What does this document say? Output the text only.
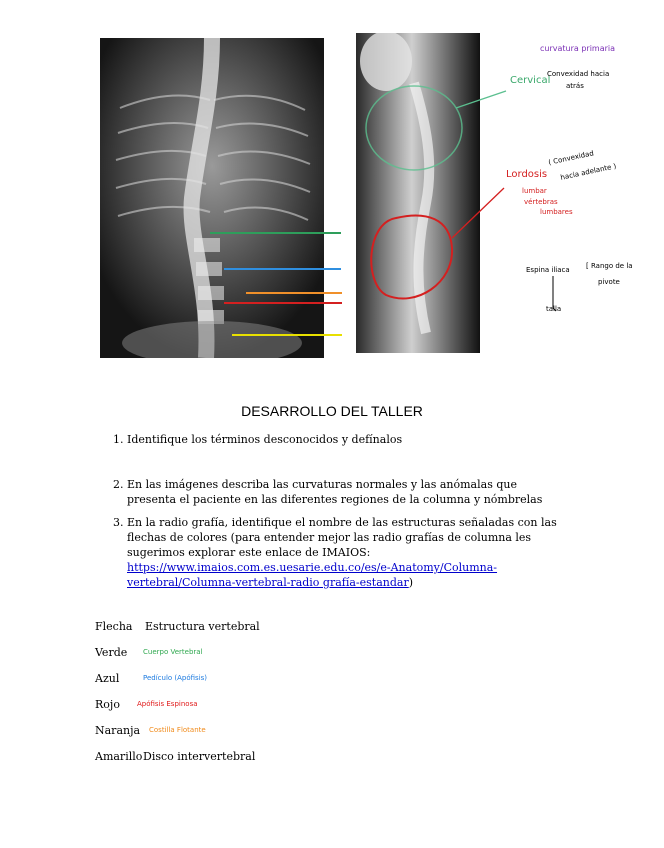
curvatura primaria
Cervical
Convexidad hacia
atrás
Lordosis
( Convexidad
hacia adelante )
lumbar
vértebras
lumbares
Espina iliaca [ Rango de la
pivote
talla
DESARROLLO DEL TALLER
1. Identifique los términos desconocidos y defínalos
2. En las imágenes describa las curvaturas normales y las anómalas que presenta el paciente en las diferentes regiones de la columna y nómbrelas
3. En la radio grafía, identifique el nombre de las estructuras señaladas con las flechas de colores (para entender mejor las radio grafías de columna les sugerimos explorar este enlace de IMAIOS: https://www.imaios.com.es.uesarie.edu.co/es/e-Anatomy/Columna-vertebral/Columna-vertebral-radio grafía-estandar)
Flecha Estructura vertebral
Verde Cuerpo Vertebral
Azul	Pedículo (Apófisis)
Rojo Apófisis Espinosa
Naranja Costilla Flotante
Amarillo Disco intervertebral
